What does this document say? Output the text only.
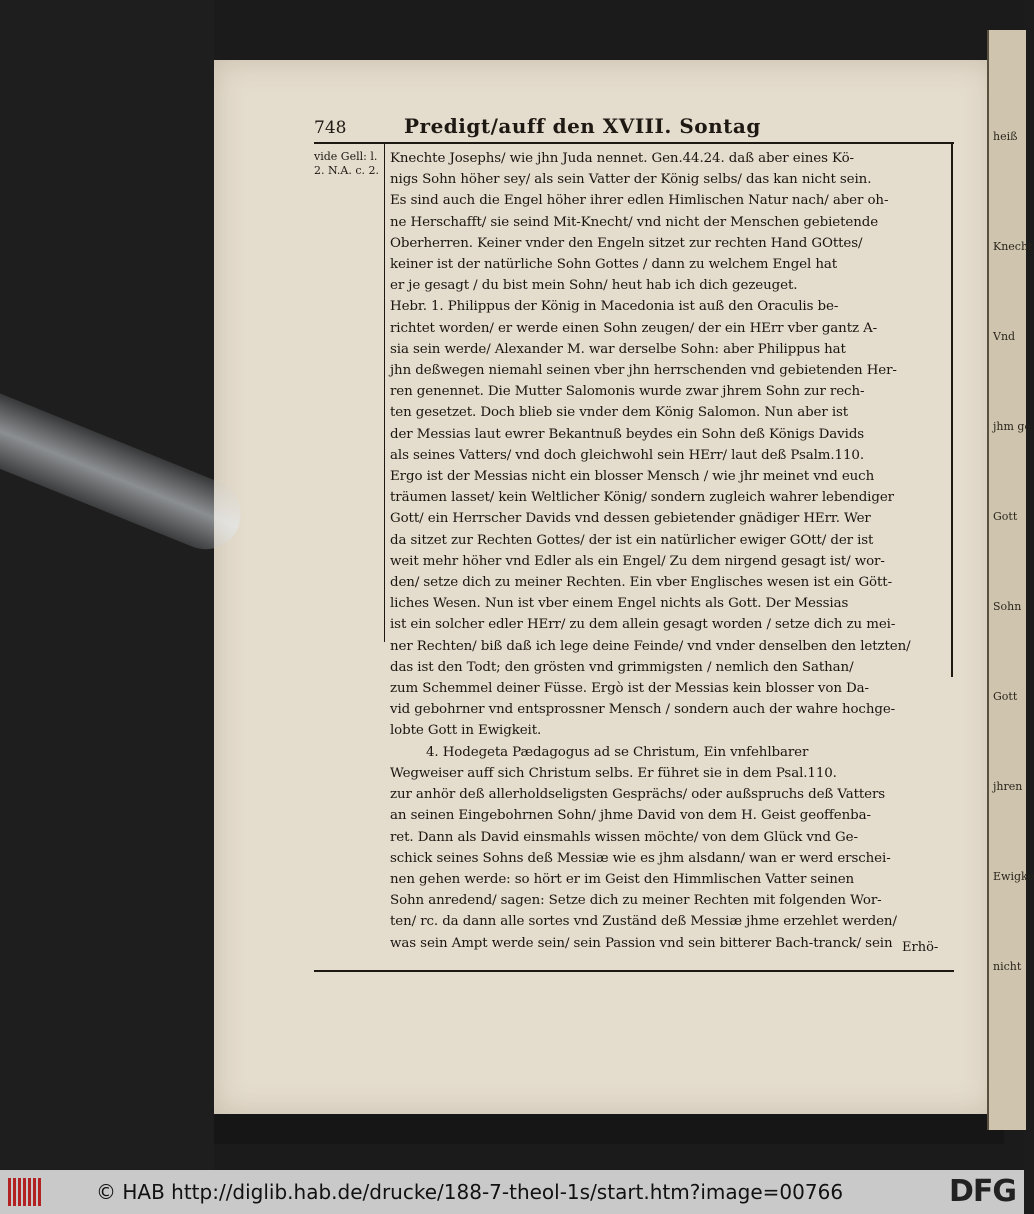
748	Predigt/auff den XVIII. Sontag
vide Gell: l. 2. N.A. c. 2.
Knechte Josephs/ wie jhn Juda nennet. Gen.44.24. daß aber eines Kö-
nigs Sohn höher sey/ als sein Vatter der König selbs/ das kan nicht sein.
Es sind auch die Engel höher ihrer edlen Himlischen Natur nach/ aber oh-
ne Herschafft/ sie seind Mit-Knecht/ vnd nicht der Menschen gebietende
Oberherren. Keiner vnder den Engeln sitzet zur rechten Hand GOttes/
keiner ist der natürliche Sohn Gottes / dann zu welchem Engel hat
er je gesagt / du bist mein Sohn/ heut hab ich dich gezeuget.
Hebr. 1. Philippus der König in Macedonia ist auß den Oraculis be-
richtet worden/ er werde einen Sohn zeugen/ der ein HErr vber gantz A-
sia sein werde/ Alexander M. war derselbe Sohn: aber Philippus hat
jhn deßwegen niemahl seinen vber jhn herrschenden vnd gebietenden Her-
ren genennet. Die Mutter Salomonis wurde zwar jhrem Sohn zur rech-
ten gesetzet. Doch blieb sie vnder dem König Salomon. Nun aber ist
der Messias laut ewrer Bekantnuß beydes ein Sohn deß Königs Davids
als seines Vatters/ vnd doch gleichwohl sein HErr/ laut deß Psalm.110.
Ergo ist der Messias nicht ein blosser Mensch / wie jhr meinet vnd euch
träumen lasset/ kein Weltlicher König/ sondern zugleich wahrer lebendiger
Gott/ ein Herrscher Davids vnd dessen gebietender gnädiger HErr. Wer
da sitzet zur Rechten Gottes/ der ist ein natürlicher ewiger GOtt/ der ist
weit mehr höher vnd Edler als ein Engel/ Zu dem nirgend gesagt ist/ wor-
den/ setze dich zu meiner Rechten. Ein vber Englisches wesen ist ein Gött-
liches Wesen. Nun ist vber einem Engel nichts als Gott. Der Messias
ist ein solcher edler HErr/ zu dem allein gesagt worden / setze dich zu mei-
ner Rechten/ biß daß ich lege deine Feinde/ vnd vnder denselben den letzten/
das ist den Todt; den grösten vnd grimmigsten / nemlich den Sathan/
zum Schemmel deiner Füsse. Ergò ist der Messias kein blosser von Da-
vid gebohrner vnd entsprossner Mensch / sondern auch der wahre hochge-
lobte Gott in Ewigkeit.
4. Hodegeta Pædagogus ad se Christum, Ein vnfehlbarer
Wegweiser auff sich Christum selbs. Er führet sie in dem Psal.110.
zur anhör deß allerholdseligsten Gesprächs/ oder außspruchs deß Vatters
an seinen Eingebohrnen Sohn/ jhme David von dem H. Geist geoffenba-
ret. Dann als David einsmahls wissen möchte/ von dem Glück vnd Ge-
schick seines Sohns deß Messiæ wie es jhm alsdann/ wan er werd erschei-
nen gehen werde: so hört er im Geist den Himmlischen Vatter seinen
Sohn anredend/ sagen: Setze dich zu meiner Rechten mit folgenden Wor-
ten/ rc. da dann alle sortes vnd Zuständ deß Messiæ jhme erzehlet werden/
was sein Ampt werde sein/ sein Passion vnd sein bitterer Bach-tranck/ sein Erhö-
heiß
Knecht
Vnd
jhm ge
Gott
Sohn
Gott
jhren
Ewigke
nicht
© HAB http://diglib.hab.de/drucke/188-7-theol-1s/start.htm?image=00766	DFG
